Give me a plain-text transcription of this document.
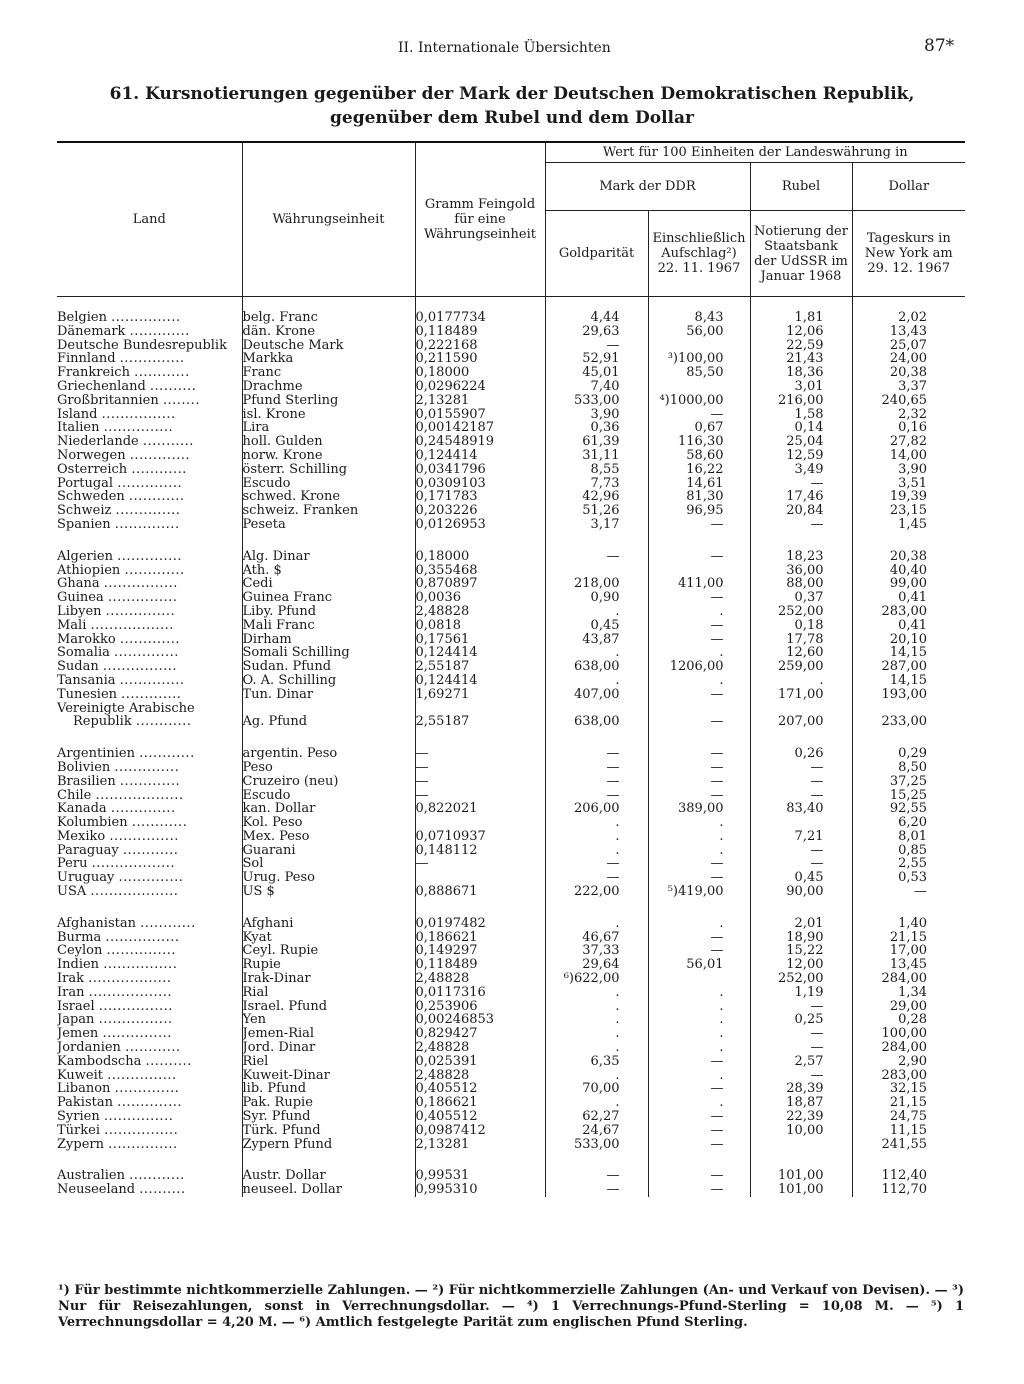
II. Internationale Übersichten	87*
61. Kursnotierungen gegenüber der Mark der Deutschen Demokratischen Republik,
gegenüber dem Rubel und dem Dollar
Land	Währungseinheit	Gramm Feingold für eine Währungseinheit	Wert für 100 Einheiten der Landeswährung in			
			Mark der DDR		Rubel	Dollar
			Goldparität	Einschließlich Aufschlag²) 22. 11. 1967	Notierung der Staatsbank der UdSSR im Januar 1968	Tageskurs in New York am 29. 12. 1967

Belgien ...............	belg. Franc	0,0177734	4,44	8,43	1,81	2,02
Dänemark .............	dän. Krone	0,118489	29,63	56,00	12,06	13,43
Deutsche Bundesrepublik	Deutsche Mark	0,222168	—		22,59	25,07
Finnland ..............	Markka	0,211590	52,91	³)100,00	21,43	24,00
Frankreich ............	Franc	0,18000	45,01	85,50	18,36	20,38
Griechenland ..........	Drachme	0,0296224	7,40		3,01	3,37
Großbritannien ........	Pfund Sterling	2,13281	533,00	⁴)1000,00	216,00	240,65
Island ................	isl. Krone	0,0155907	3,90	—	1,58	2,32
Italien ...............	Lira	0,00142187	0,36	0,67	0,14	0,16
Niederlande ...........	holl. Gulden	0,24548919	61,39	116,30	25,04	27,82
Norwegen .............	norw. Krone	0,124414	31,11	58,60	12,59	14,00
Österreich ............	österr. Schilling	0,0341796	8,55	16,22	3,49	3,90
Portugal ..............	Escudo	0,0309103	7,73	14,61	—	3,51
Schweden ............	schwed. Krone	0,171783	42,96	81,30	17,46	19,39
Schweiz ..............	schweiz. Franken	0,203226	51,26	96,95	20,84	23,15
Spanien ..............	Peseta	0,0126953	3,17	—	—	1,45

Algerien ..............	Alg. Dinar	0,18000	—	—	18,23	20,38
Äthiopien .............	Äth. $	0,355468			36,00	40,40
Ghana ................	Cedi	0,870897	218,00	411,00	88,00	99,00
Guinea ...............	Guinea Franc	0,0036	0,90	—	0,37	0,41
Libyen ...............	Liby. Pfund	2,48828	.	.	252,00	283,00
Mali ..................	Mali Franc	0,0818	0,45	—	0,18	0,41
Marokko .............	Dirham	0,17561	43,87	—	17,78	20,10
Somalia ..............	Somali Schilling	0,124414	.	.	12,60	14,15
Sudan ................	Sudan. Pfund	2,55187	638,00	1206,00	259,00	287,00
Tansania ..............	O. A. Schilling	0,124414	.	.	.	14,15
Tunesien .............	Tun. Dinar	1,69271	407,00	—	171,00	193,00
Vereinigte Arabische						
Republik ............	Äg. Pfund	2,55187	638,00	—	207,00	233,00

Argentinien ............	argentin. Peso	—	—	—	0,26	0,29
Bolivien ..............	Peso	—	—	—	—	8,50
Brasilien .............	Cruzeiro (neu)	—	—	—	—	37,25
Chile ...................	Escudo	—	—	—	—	15,25
Kanada ..............	kan. Dollar	0,822021	206,00	389,00	83,40	92,55
Kolumbien ............	Kol. Peso		.	.		6,20
Mexiko ...............	Mex. Peso	0,0710937	.	.	7,21	8,01
Paraguay ............	Guarani	0,148112	.	.	—	0,85
Peru ..................	Sol	—	—	—	—	2,55
Uruguay ..............	Urug. Peso		—	—	0,45	0,53
USA ...................	US $	0,888671	222,00	⁵)419,00	90,00	—

Afghanistan ............	Afghani	0,0197482	.	.	2,01	1,40
Burma ................	Kyat	0,186621	46,67	—	18,90	21,15
Ceylon ...............	Ceyl. Rupie	0,149297	37,33	—	15,22	17,00
Indien ................	Rupie	0,118489	29,64	56,01	12,00	13,45
Irak ..................	Irak-Dinar	2,48828	⁶)622,00		252,00	284,00
Iran ..................	Rial	0,0117316	.	.	1,19	1,34
Israel ................	Israel. Pfund	0,253906	.	.	—	29,00
Japan ................	Yen	0,00246853	.	.	0,25	0,28
Jemen ...............	Jemen-Rial	0,829427	.	.	—	100,00
Jordanien ............	Jord. Dinar	2,48828	.	.	—	284,00
Kambodscha ..........	Riel	0,025391	6,35	—	2,57	2,90
Kuweit ...............	Kuweit-Dinar	2,48828	.	.	—	283,00
Libanon ..............	lib. Pfund	0,405512	70,00	—	28,39	32,15
Pakistan ..............	Pak. Rupie	0,186621	.	.	18,87	21,15
Syrien ...............	Syr. Pfund	0,405512	62,27	—	22,39	24,75
Türkei ................	Türk. Pfund	0,0987412	24,67	—	10,00	11,15
Zypern ...............	Zypern Pfund	2,13281	533,00	—		241,55

Australien ............	Austr. Dollar	0,99531	—	—	101,00	112,40
Neuseeland ..........	neuseel. Dollar	0,995310	—	—	101,00	112,70
¹) Für bestimmte nichtkommerzielle Zahlungen. — ²) Für nichtkommerzielle Zahlungen (An- und Verkauf von Devisen). — ³) Nur für Reisezahlungen, sonst in Verrechnungsdollar. — ⁴) 1 Verrechnungs-Pfund-Sterling = 10,08 M. — ⁵) 1 Verrechnungsdollar = 4,20 M. — ⁶) Amtlich festgelegte Parität zum englischen Pfund Sterling.
